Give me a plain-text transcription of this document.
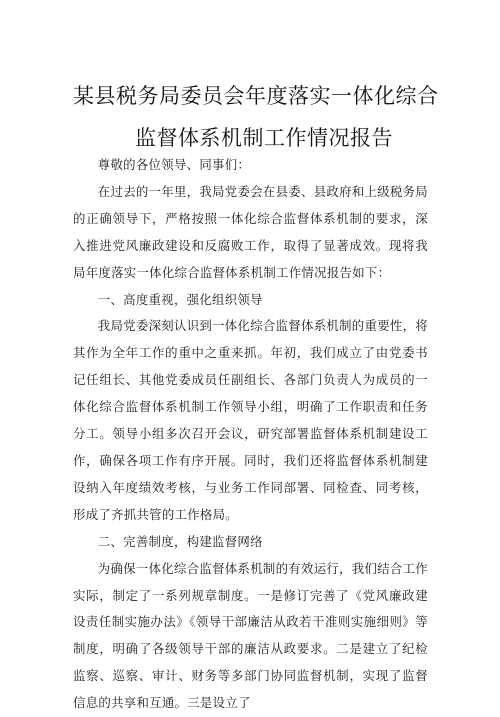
某县税务局委员会年度落实一体化综合
监督体系机制工作情况报告

尊敬的各位领导、同事们：

在过去的一年里，我局党委会在县委、县政府和上级税务局的正确领导下，严格按照一体化综合监督体系机制的要求，深入推进党风廉政建设和反腐败工作，取得了显著成效。现将我局年度落实一体化综合监督体系机制工作情况报告如下：

一、高度重视，强化组织领导

我局党委深刻认识到一体化综合监督体系机制的重要性，将其作为全年工作的重中之重来抓。年初，我们成立了由党委书记任组长、其他党委成员任副组长、各部门负责人为成员的一体化综合监督体系机制工作领导小组，明确了工作职责和任务分工。领导小组多次召开会议，研究部署监督体系机制建设工作，确保各项工作有序开展。同时，我们还将监督体系机制建设纳入年度绩效考核，与业务工作同部署、同检查、同考核，形成了齐抓共管的工作格局。

二、完善制度，构建监督网络

为确保一体化综合监督体系机制的有效运行，我们结合工作实际，制定了一系列规章制度。一是修订完善了《党风廉政建设责任制实施办法》《领导干部廉洁从政若干准则实施细则》等制度，明确了各级领导干部的廉洁从政要求。二是建立了纪检监察、巡察、审计、财务等多部门协同监督机制，实现了监督信息的共享和互通。三是设立了
